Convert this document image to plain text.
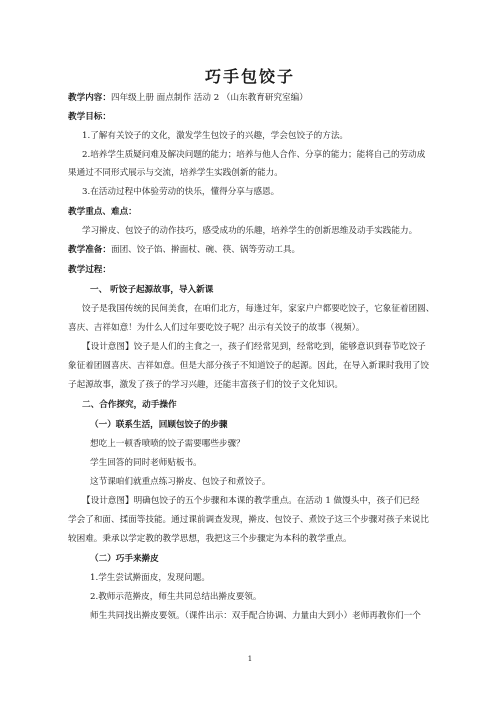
巧手包饺子
教学内容：四年级上册 面点制作 活动 2 （山东教育研究室编）
教学目标：
1.了解有关饺子的文化，激发学生包饺子的兴趣，学会包饺子的方法。
2.培养学生质疑问难及解决问题的能力；培养与他人合作、分享的能力；能将自己的劳动成
果通过不同形式展示与交流，培养学生实践创新的能力。
3.在活动过程中体验劳动的快乐，懂得分享与感恩。
教学重点、难点：
学习擀皮、包饺子的动作技巧，感受成功的乐趣，培养学生的创新思维及动手实践能力。
教学准备：面团、饺子馅、擀面杖、碗、筷、锅等劳动工具。
教学过程：
一、 听饺子起源故事，导入新课
饺子是我国传统的民间美食，在咱们北方，每逢过年，家家户户都要吃饺子，它象征着团圆、
喜庆、吉祥如意！为什么人们过年要吃饺子呢？出示有关饺子的故事（视频）。
【设计意图】饺子是人们的主食之一，孩子们经常见到，经常吃到，能够意识到春节吃饺子
象征着团圆喜庆、吉祥如意。但是大部分孩子不知道饺子的起源。因此，在导入新课时我用了饺
子起源故事，激发了孩子的学习兴趣，还能丰富孩子们的饺子文化知识。
二、合作探究，动手操作
（一）联系生活，回顾包饺子的步骤
想吃上一顿香喷喷的饺子需要哪些步骤？
学生回答的同时老师贴板书。
这节课咱们就重点练习擀皮、包饺子和煮饺子。
【设计意图】明确包饺子的五个步骤和本课的教学重点。在活动 1 做馒头中，孩子们已经
学会了和面、揉面等技能。通过课前调查发现，擀皮、包饺子、煮饺子这三个步骤对孩子来说比
较困难。秉承以学定教的教学思想，我把这三个步骤定为本科的教学重点。
（二）巧手来擀皮
1.学生尝试擀面皮，发现问题。
2.教师示范擀皮，师生共同总结出擀皮要领。
师生共同找出擀皮要领。（课件出示：双手配合协调、力量由大到小）老师再教你们一个
1
